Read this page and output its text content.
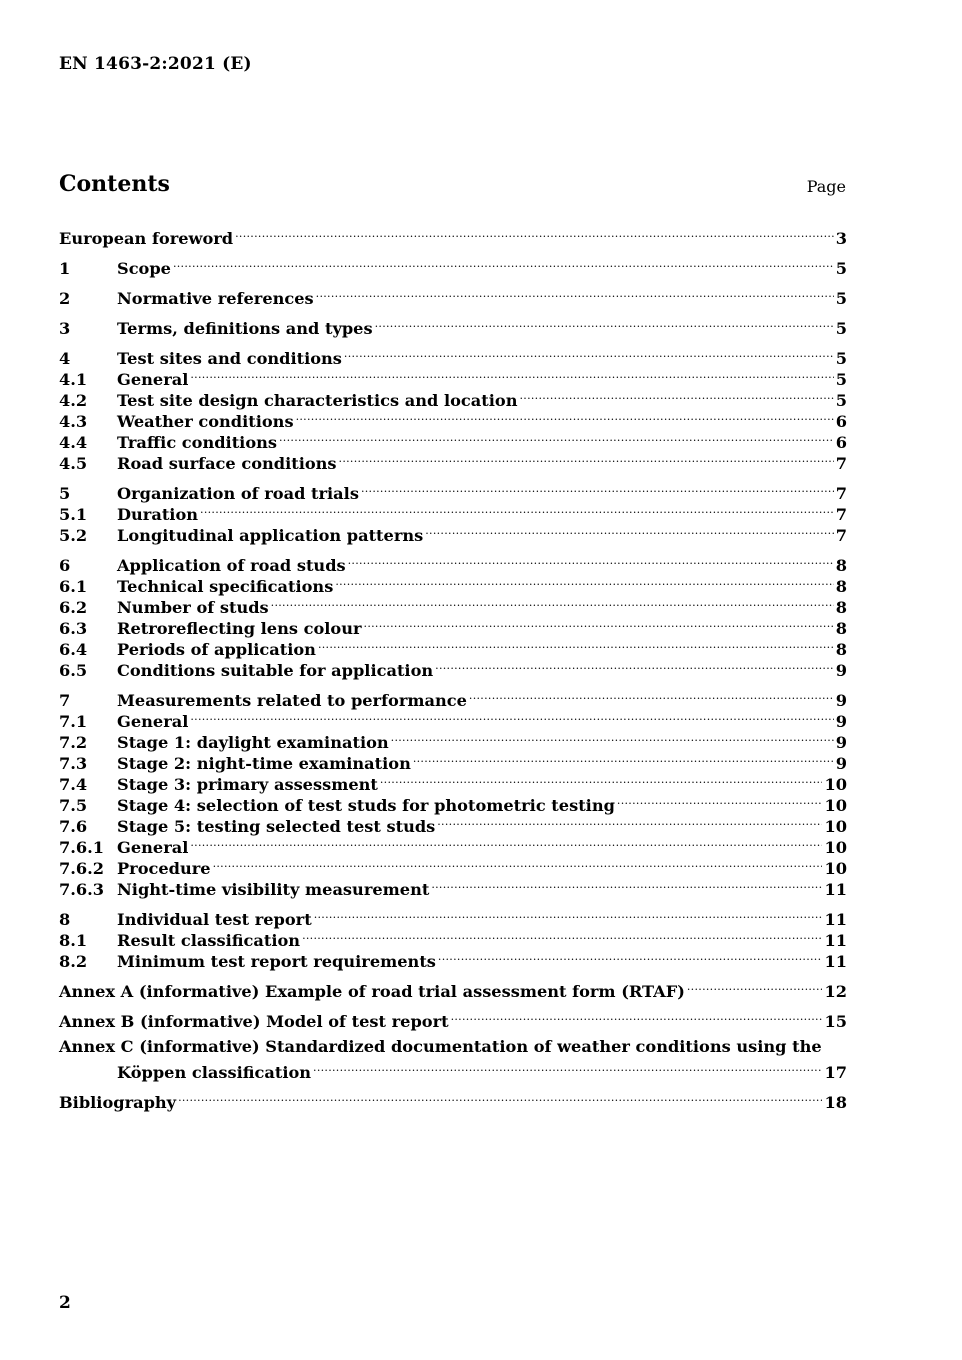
EN 1463-2:2021 (E)
Contents	Page
European foreword .....	3
1	Scope .....	5
2	Normative references .....	5
3	Terms, definitions and types .....	5
4	Test sites and conditions .....	5
4.1	General .....	5
4.2	Test site design characteristics and location .....	5
4.3	Weather conditions .....	6
4.4	Traffic conditions .....	6
4.5	Road surface conditions .....	7
5	Organization of road trials .....	7
5.1	Duration .....	7
5.2	Longitudinal application patterns .....	7
6	Application of road studs .....	8
6.1	Technical specifications .....	8
6.2	Number of studs .....	8
6.3	Retroreflecting lens colour .....	8
6.4	Periods of application .....	8
6.5	Conditions suitable for application .....	9
7	Measurements related to performance .....	9
7.1	General .....	9
7.2	Stage 1: daylight examination .....	9
7.3	Stage 2: night-time examination .....	9
7.4	Stage 3: primary assessment .....	10
7.5	Stage 4: selection of test studs for photometric testing .....	10
7.6	Stage 5: testing selected test studs .....	10
7.6.1 General .....	10
7.6.2 Procedure .....	10
7.6.3 Night-time visibility measurement .....	11
8	Individual test report .....	11
8.1	Result classification .....	11
8.2	Minimum test report requirements .....	11
Annex A (informative) Example of road trial assessment form (RTAF) .....	12
Annex B (informative) Model of test report .....	15
Annex C (informative) Standardized documentation of weather conditions using the
Köppen classification .....	17
Bibliography .....	18
2
